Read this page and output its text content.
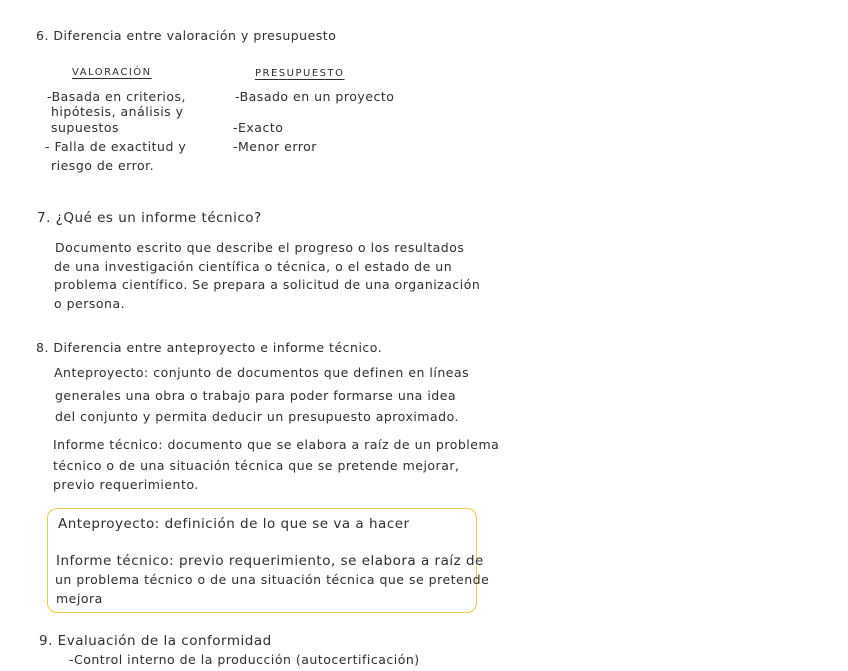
6. Diferencia entre valoración y presupuesto
VALORACIÓN	PRESUPUESTO
-Basada en criterios,
hipótesis, análisis y
supuestos
- Falla de exactitud y
riesgo de error.
-Basado en un proyecto
-Exacto
-Menor error
7. ¿Qué es un informe técnico?
Documento escrito que describe el progreso o los resultados
de una investigación científica o técnica, o el estado de un
problema científico. Se prepara a solicitud de una organización
o persona.
8. Diferencia entre anteproyecto e informe técnico.
Anteproyecto: conjunto de documentos que definen en líneas
generales una obra o trabajo para poder formarse una idea
del conjunto y permita deducir un presupuesto aproximado.
Informe técnico: documento que se elabora a raíz de un problema
técnico o de una situación técnica que se pretende mejorar,
previo requerimiento.
Anteproyecto: definición de lo que se va a hacer
Informe técnico: previo requerimiento, se elabora a raíz de
un problema técnico o de una situación técnica que se pretende
mejora
9. Evaluación de la conformidad
-Control interno de la producción (autocertificación)
